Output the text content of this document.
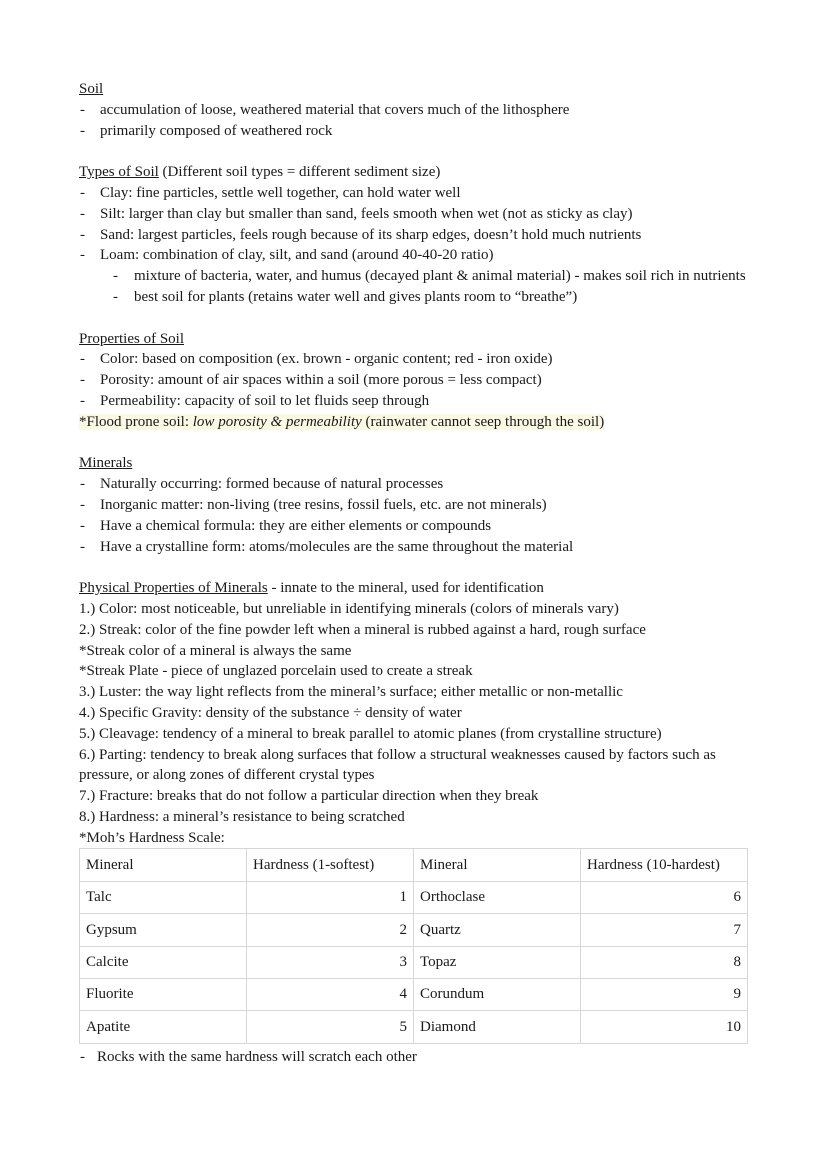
Soil
- accumulation of loose, weathered material that covers much of the lithosphere
- primarily composed of weathered rock
Types of Soil (Different soil types = different sediment size)
- Clay: fine particles, settle well together, can hold water well
- Silt: larger than clay but smaller than sand, feels smooth when wet (not as sticky as clay)
- Sand: largest particles, feels rough because of its sharp edges, doesn’t hold much nutrients
- Loam: combination of clay, silt, and sand (around 40-40-20 ratio)
- mixture of bacteria, water, and humus (decayed plant & animal material) - makes soil rich in nutrients
- best soil for plants (retains water well and gives plants room to “breathe”)
Properties of Soil
- Color: based on composition (ex. brown - organic content; red - iron oxide)
- Porosity: amount of air spaces within a soil (more porous = less compact)
- Permeability: capacity of soil to let fluids seep through
*Flood prone soil: low porosity & permeability (rainwater cannot seep through the soil)
Minerals
- Naturally occurring: formed because of natural processes
- Inorganic matter: non-living (tree resins, fossil fuels, etc. are not minerals)
- Have a chemical formula: they are either elements or compounds
- Have a crystalline form: atoms/molecules are the same throughout the material
Physical Properties of Minerals - innate to the mineral, used for identification
1.) Color: most noticeable, but unreliable in identifying minerals (colors of minerals vary)
2.) Streak: color of the fine powder left when a mineral is rubbed against a hard, rough surface
*Streak color of a mineral is always the same
*Streak Plate - piece of unglazed porcelain used to create a streak
3.) Luster: the way light reflects from the mineral’s surface; either metallic or non-metallic
4.) Specific Gravity: density of the substance ÷ density of water
5.) Cleavage: tendency of a mineral to break parallel to atomic planes (from crystalline structure)
6.) Parting: tendency to break along surfaces that follow a structural weaknesses caused by factors such as pressure, or along zones of different crystal types
7.) Fracture: breaks that do not follow a particular direction when they break
8.) Hardness: a mineral’s resistance to being scratched
*Moh’s Hardness Scale:
Mineral	Hardness (1-softest)	Mineral	Hardness (10-hardest)
Talc	1	Orthoclase	6
Gypsum	2	Quartz	7
Calcite	3	Topaz	8
Fluorite	4	Corundum	9
Apatite	5	Diamond	10
- Rocks with the same hardness will scratch each other
